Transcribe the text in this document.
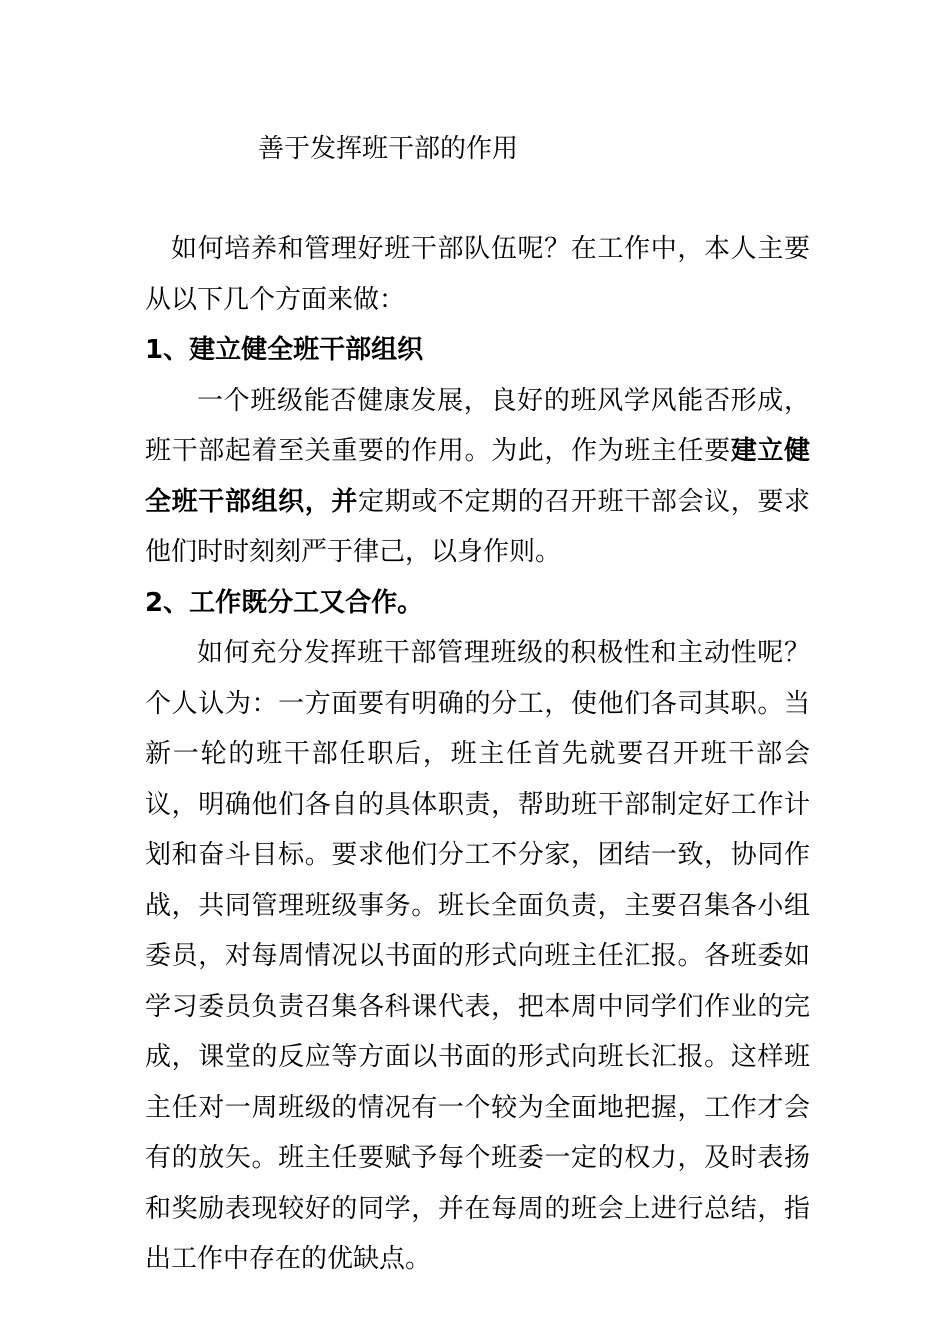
善于发挥班干部的作用

如何培养和管理好班干部队伍呢？在工作中，本人主要从以下几个方面来做：

1、建立健全班干部组织

一个班级能否健康发展，良好的班风学风能否形成，班干部起着至关重要的作用。为此，作为班主任要建立健全班干部组织，并定期或不定期的召开班干部会议，要求他们时时刻刻严于律己，以身作则。

2、工作既分工又合作。

如何充分发挥班干部管理班级的积极性和主动性呢？个人认为：一方面要有明确的分工，使他们各司其职。当新一轮的班干部任职后，班主任首先就要召开班干部会议，明确他们各自的具体职责，帮助班干部制定好工作计划和奋斗目标。要求他们分工不分家，团结一致，协同作战，共同管理班级事务。班长全面负责，主要召集各小组委员，对每周情况以书面的形式向班主任汇报。各班委如学习委员负责召集各科课代表，把本周中同学们作业的完成，课堂的反应等方面以书面的形式向班长汇报。这样班主任对一周班级的情况有一个较为全面地把握，工作才会有的放矢。班主任要赋予每个班委一定的权力，及时表扬和奖励表现较好的同学，并在每周的班会上进行总结，指出工作中存在的优缺点。
